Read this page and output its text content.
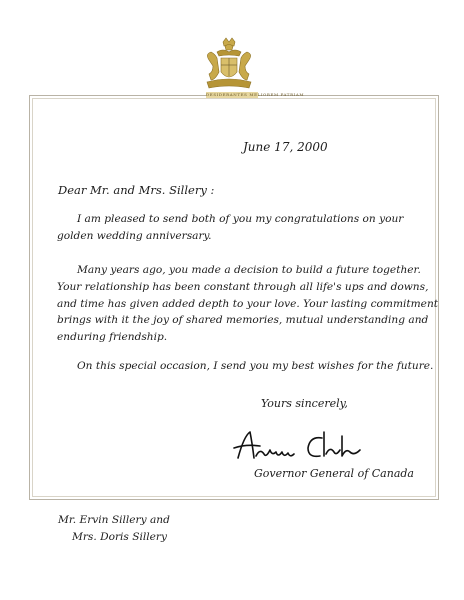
DESIDERANTES MELIOREM PATRIAM
June 17, 2000
Dear Mr. and Mrs. Sillery :
I am pleased to send both of you my congratulations on your
golden wedding anniversary.
Many years ago, you made a decision to build a future together.
Your relationship has been constant through all life's ups and downs,
and time has given added depth to your love. Your lasting commitment
brings with it the joy of shared memories, mutual understanding and
enduring friendship.
On this special occasion, I send you my best wishes for the future.
Yours sincerely,
Governor General of Canada
Mr. Ervin Sillery and
Mrs. Doris Sillery
